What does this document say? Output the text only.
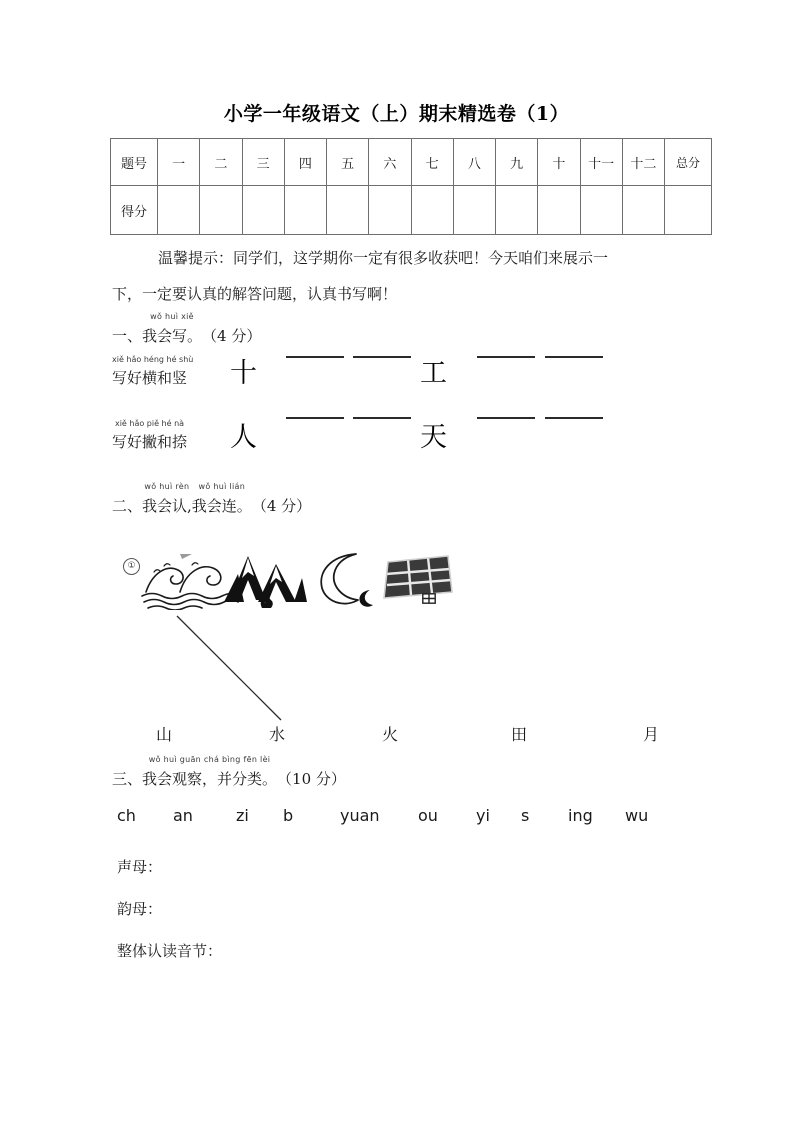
小学一年级语文（上）期末精选卷（1）
题号	一	二	三	四	五	六	七	八	九	十	十一	十二	总分
得分													
温馨提示：同学们，这学期你一定有很多收获吧！今天咱们来展示一
下，一定要认真的解答问题，认真书写啊！
一、
wǒ huì xiě
我会写。 （4 分）
xiě hǎo héng hé shù
写好横和竖 十	工
xiě hǎo piě hé nà
写好撇和捺 人	天
二、
wǒ huì rèn
我会认,
wǒ huì lián
我会连。 （4 分）
①
山	水	火	田	月
三、
wǒ huì guān chá bìng fēn lèi
我会观察，并分类。 （10 分）
ch an	zi b	yuan ou yi s ing wu
声母：
韵母：
整体认读音节：
